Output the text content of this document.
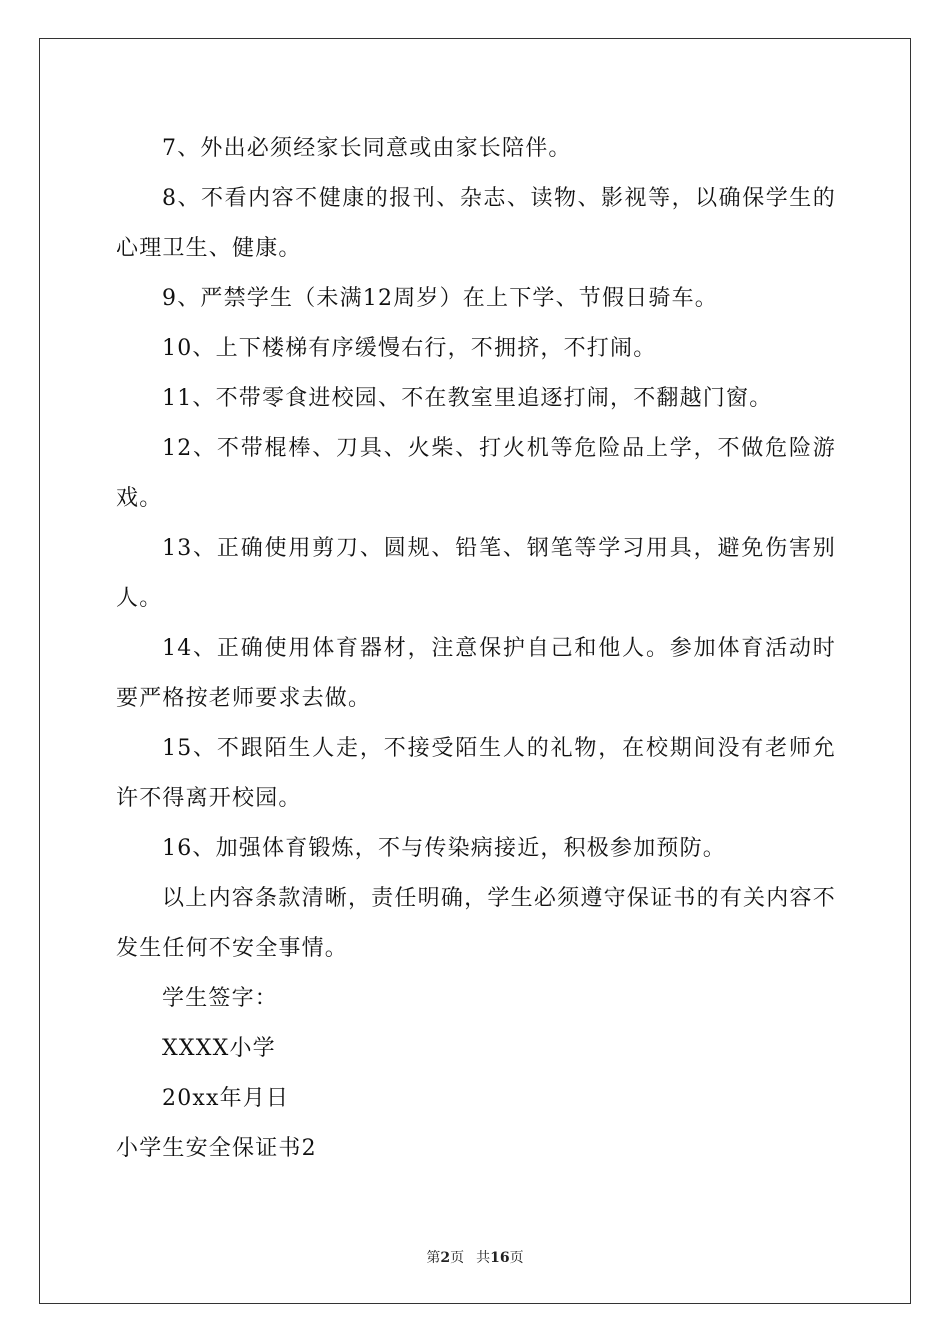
7、外出必须经家长同意或由家长陪伴。

8、不看内容不健康的报刊、杂志、读物、影视等，以确保学生的心理卫生、健康。

9、严禁学生（未满12周岁）在上下学、节假日骑车。

10、上下楼梯有序缓慢右行，不拥挤，不打闹。

11、不带零食进校园、不在教室里追逐打闹，不翻越门窗。

12、不带棍棒、刀具、火柴、打火机等危险品上学，不做危险游戏。

13、正确使用剪刀、圆规、铅笔、钢笔等学习用具，避免伤害别人。

14、正确使用体育器材，注意保护自己和他人。参加体育活动时要严格按老师要求去做。

15、不跟陌生人走，不接受陌生人的礼物，在校期间没有老师允许不得离开校园。

16、加强体育锻炼，不与传染病接近，积极参加预防。

以上内容条款清晰，责任明确，学生必须遵守保证书的有关内容不发生任何不安全事情。

学生签字：

XXXX小学

20xx年月日

小学生安全保证书2

第2页 共16页
